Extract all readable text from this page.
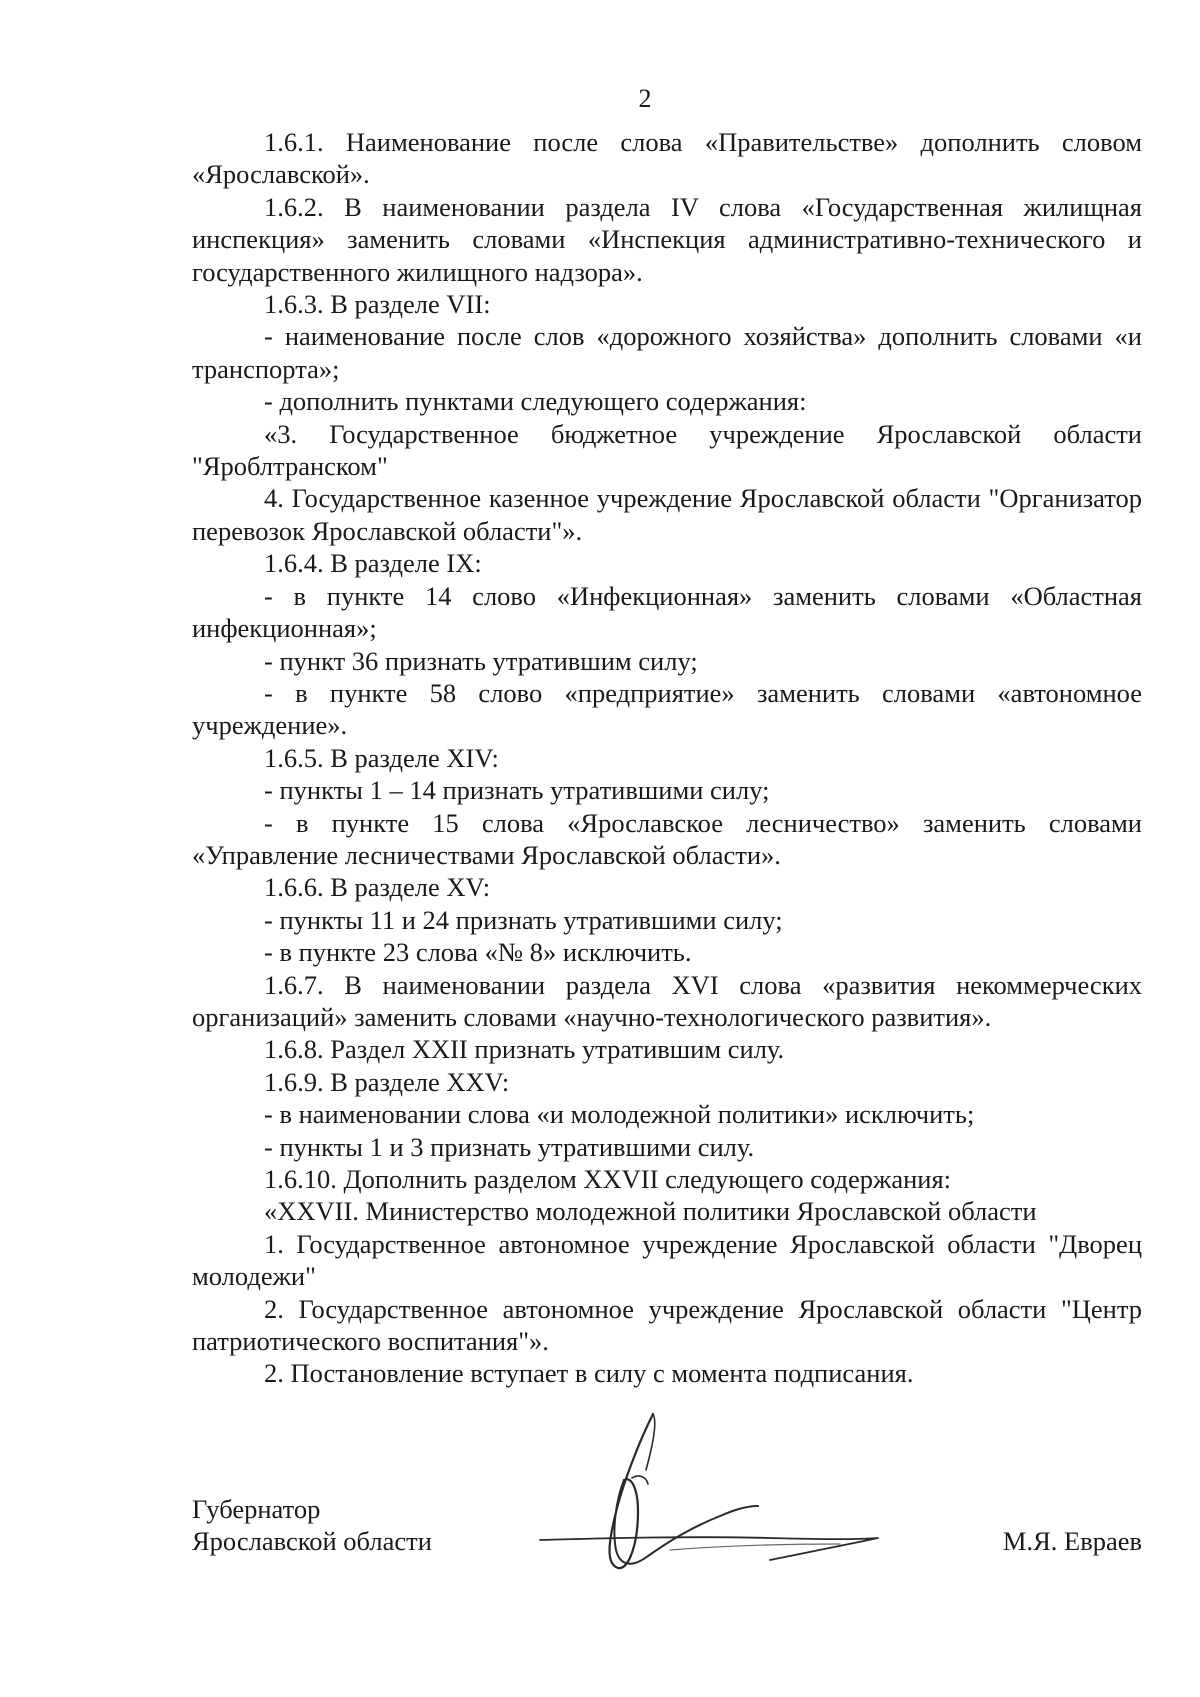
2

1.6.1. Наименование после слова «Правительстве» дополнить словом «Ярославской».

1.6.2. В наименовании раздела IV слова «Государственная жилищная инспекция» заменить словами «Инспекция административно-технического и государственного жилищного надзора».

1.6.3. В разделе VII:

- наименование после слов «дорожного хозяйства» дополнить словами «и транспорта»;

- дополнить пунктами следующего содержания:

«3. Государственное бюджетное учреждение Ярославской области "Яроблтранском"

4. Государственное казенное учреждение Ярославской области "Организатор перевозок Ярославской области"».

1.6.4. В разделе IX:

- в пункте 14 слово «Инфекционная» заменить словами «Областная инфекционная»;

- пункт 36 признать утратившим силу;

- в пункте 58 слово «предприятие» заменить словами «автономное учреждение».

1.6.5. В разделе XIV:

- пункты 1 – 14 признать утратившими силу;

- в пункте 15 слова «Ярославское лесничество» заменить словами «Управление лесничествами Ярославской области».

1.6.6. В разделе XV:

- пункты 11 и 24 признать утратившими силу;

- в пункте 23 слова «№ 8» исключить.

1.6.7. В наименовании раздела XVI слова «развития некоммерческих организаций» заменить словами «научно-технологического развития».

1.6.8. Раздел XXII признать утратившим силу.

1.6.9. В разделе XXV:

- в наименовании слова «и молодежной политики» исключить;

- пункты 1 и 3 признать утратившими силу.

1.6.10. Дополнить разделом XXVII следующего содержания:

«XXVII. Министерство молодежной политики Ярославской области

1. Государственное автономное учреждение Ярославской области "Дворец молодежи"

2. Государственное автономное учреждение Ярославской области "Центр патриотического воспитания"».

2. Постановление вступает в силу с момента подписания.

Губернатор
Ярославской области	М.Я. Евраев
